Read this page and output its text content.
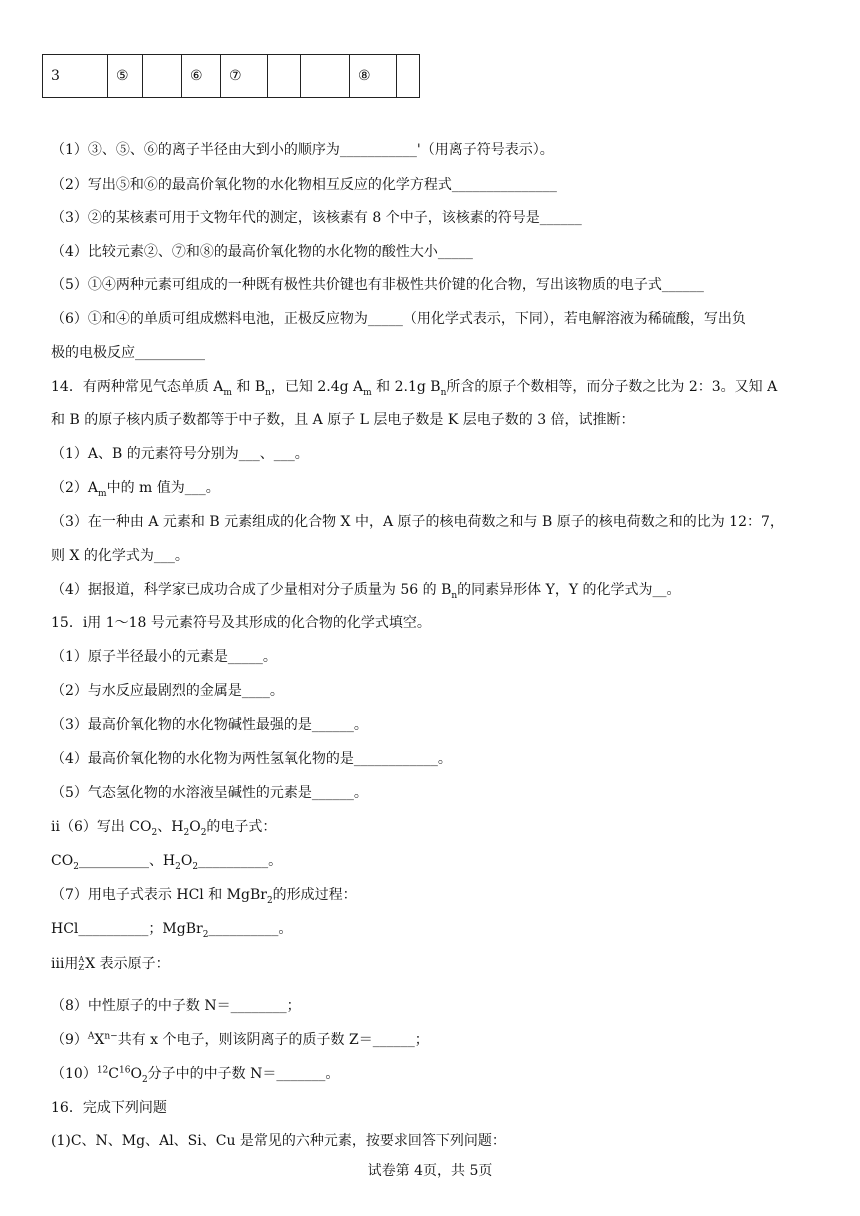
3	⑤		⑥	⑦			⑧	
（1）③、⑤、⑥的离子半径由大到小的顺序为___________'（用离子符号表示）。
（2）写出⑤和⑥的最高价氧化物的水化物相互反应的化学方程式_______________
（3）②的某核素可用于文物年代的测定，该核素有 8 个中子，该核素的符号是______
（4）比较元素②、⑦和⑧的最高价氧化物的水化物的酸性大小_____
（5）①④两种元素可组成的一种既有极性共价键也有非极性共价键的化合物，写出该物质的电子式______
（6）①和④的单质可组成燃料电池，正极反应物为_____（用化学式表示，下同），若电解溶液为稀硫酸，写出负
极的电极反应__________
14．有两种常见气态单质 $A_m$ 和 $B_n$，已知 2.4g $A_m$ 和 2.1g $B_n$所含的原子个数相等，而分子数之比为 2：3。又知 A
和 B 的原子核内质子数都等于中子数，且 A 原子 L 层电子数是 K 层电子数的 3 倍，试推断：
（1）A、B 的元素符号分别为___、___。
$(2)A_m$中的 m 值为___。
（3）在一种由 A 元素和 B 元素组成的化合物 X 中，A 原子的核电荷数之和与 B 原子的核电荷数之和的比为 12：7，
则 X 的化学式为___。
（4）据报道，科学家已成功合成了少量相对分子质量为 56 的 $B_n$的同素异形体 Y，Y 的化学式为__。
15．ⅰ用 1～18 号元素符号及其形成的化合物的化学式填空。
（1）原子半径最小的元素是_____。
（2）与水反应最剧烈的金属是____。
（3）最高价氧化物的水化物碱性最强的是______。
（4）最高价氧化物的水化物为两性氢氧化物的是____________。
（5）气态氢化物的水溶液呈碱性的元素是______。
ⅱ（6）写出 $CO_2$、$H_2O_2$的电子式：
$CO_2\_\_\_\_\_\_\_\_\_\_$、$H_2O_2\_\_\_\_\_\_\_\_\_\_$。
（7）用电子式表示 HCl 和 MgBr$_2$的形成过程：
HCl__________；MgBr$_2$__________。
ⅲ用A
ZX 表示原子：
（8）中性原子的中子数 N＝________；
$(9)^AX^{n-}$共有 x 个电子，则该阴离子的质子数 Z＝______；
$(10)^{12}C^{16}O_2$分子中的中子数 N＝_______。
16．完成下列问题
(1)C、N、Mg、Al、Si、Cu 是常见的六种元素，按要求回答下列问题：
试卷第 4页，共 5页
